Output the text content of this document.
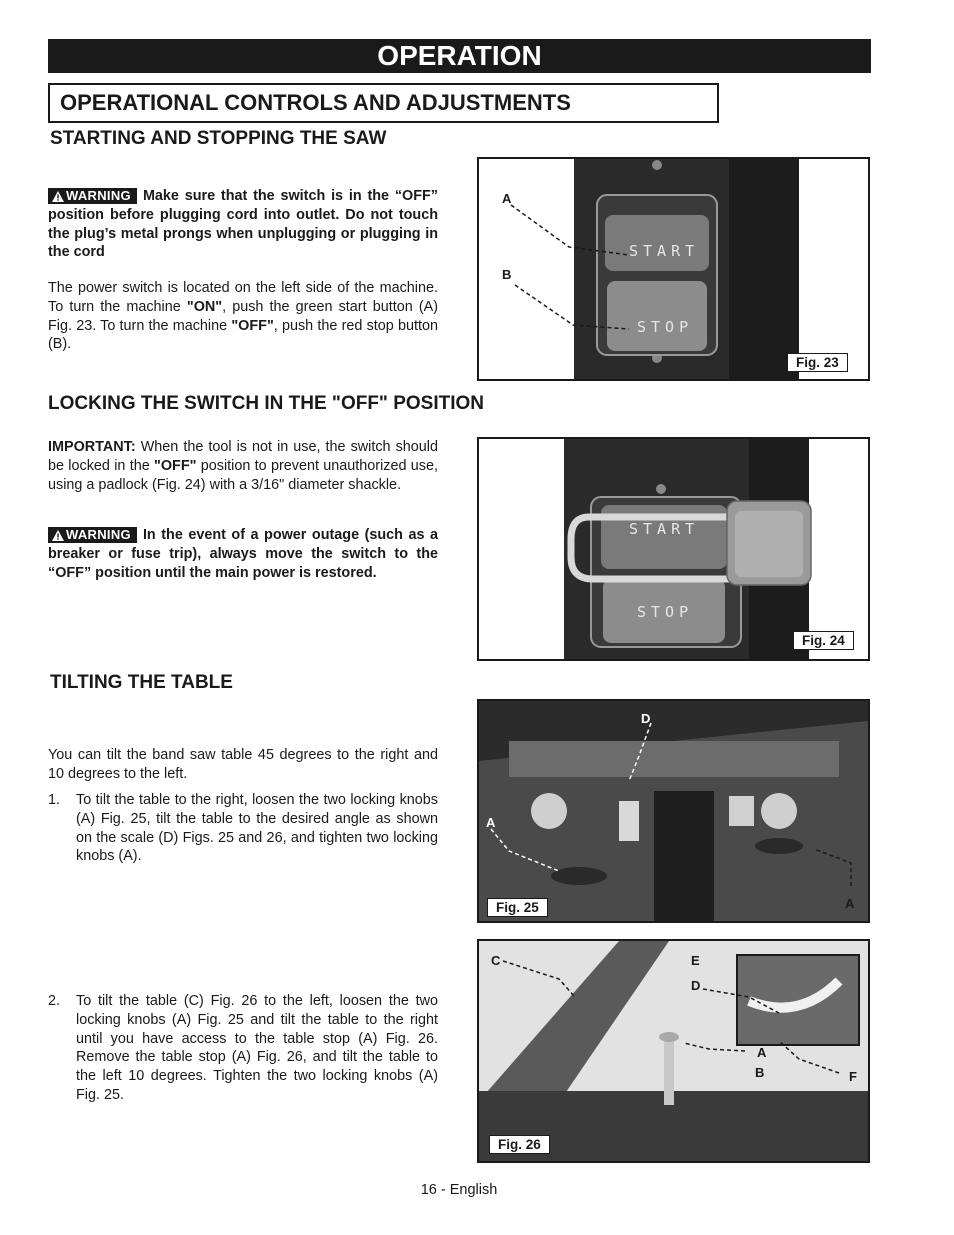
OPERATION
OPERATIONAL CONTROLS AND ADJUSTMENTS
STARTING AND STOPPING THE SAW
WARNING Make sure that the switch is in the “OFF” position before plugging cord into outlet. Do not touch the plug’s metal prongs when unplugging or plugging in the cord
The power switch is located on the left side of the machine. To turn the machine "ON", push the green start button (A) Fig. 23. To turn the machine "OFF", push the red stop button (B).
START
STOP
A
B
Fig. 23
LOCKING THE SWITCH IN THE "OFF" POSITION
IMPORTANT: When the tool is not in use, the switch should be locked in the "OFF" position to prevent unauthorized use, using a padlock (Fig. 24) with a 3/16" diameter shackle.
WARNING In the event of a power outage (such as a breaker or fuse trip), always move the switch to the “OFF” position until the main power is restored.
START
STOP
Fig. 24
TILTING THE TABLE
You can tilt the band saw table 45 degrees to the right and 10 degrees to the left.
1. To tilt the table to the right, loosen the two locking knobs (A) Fig. 25, tilt the table to the desired angle as shown on the scale (D) Figs. 25 and 26, and tighten two locking knobs (A).
2. To tilt the table (C) Fig. 26 to the left, loosen the two locking knobs (A) Fig. 25 and tilt the table to the right until you have access to the table stop (A) Fig. 26. Remove the table stop (A) Fig. 26, and tilt the table to the left 10 degrees. Tighten the two locking knobs (A) Fig. 25.
D
A
A
Fig. 25
C	E
D
A
B	F
Fig. 26
16 - English
